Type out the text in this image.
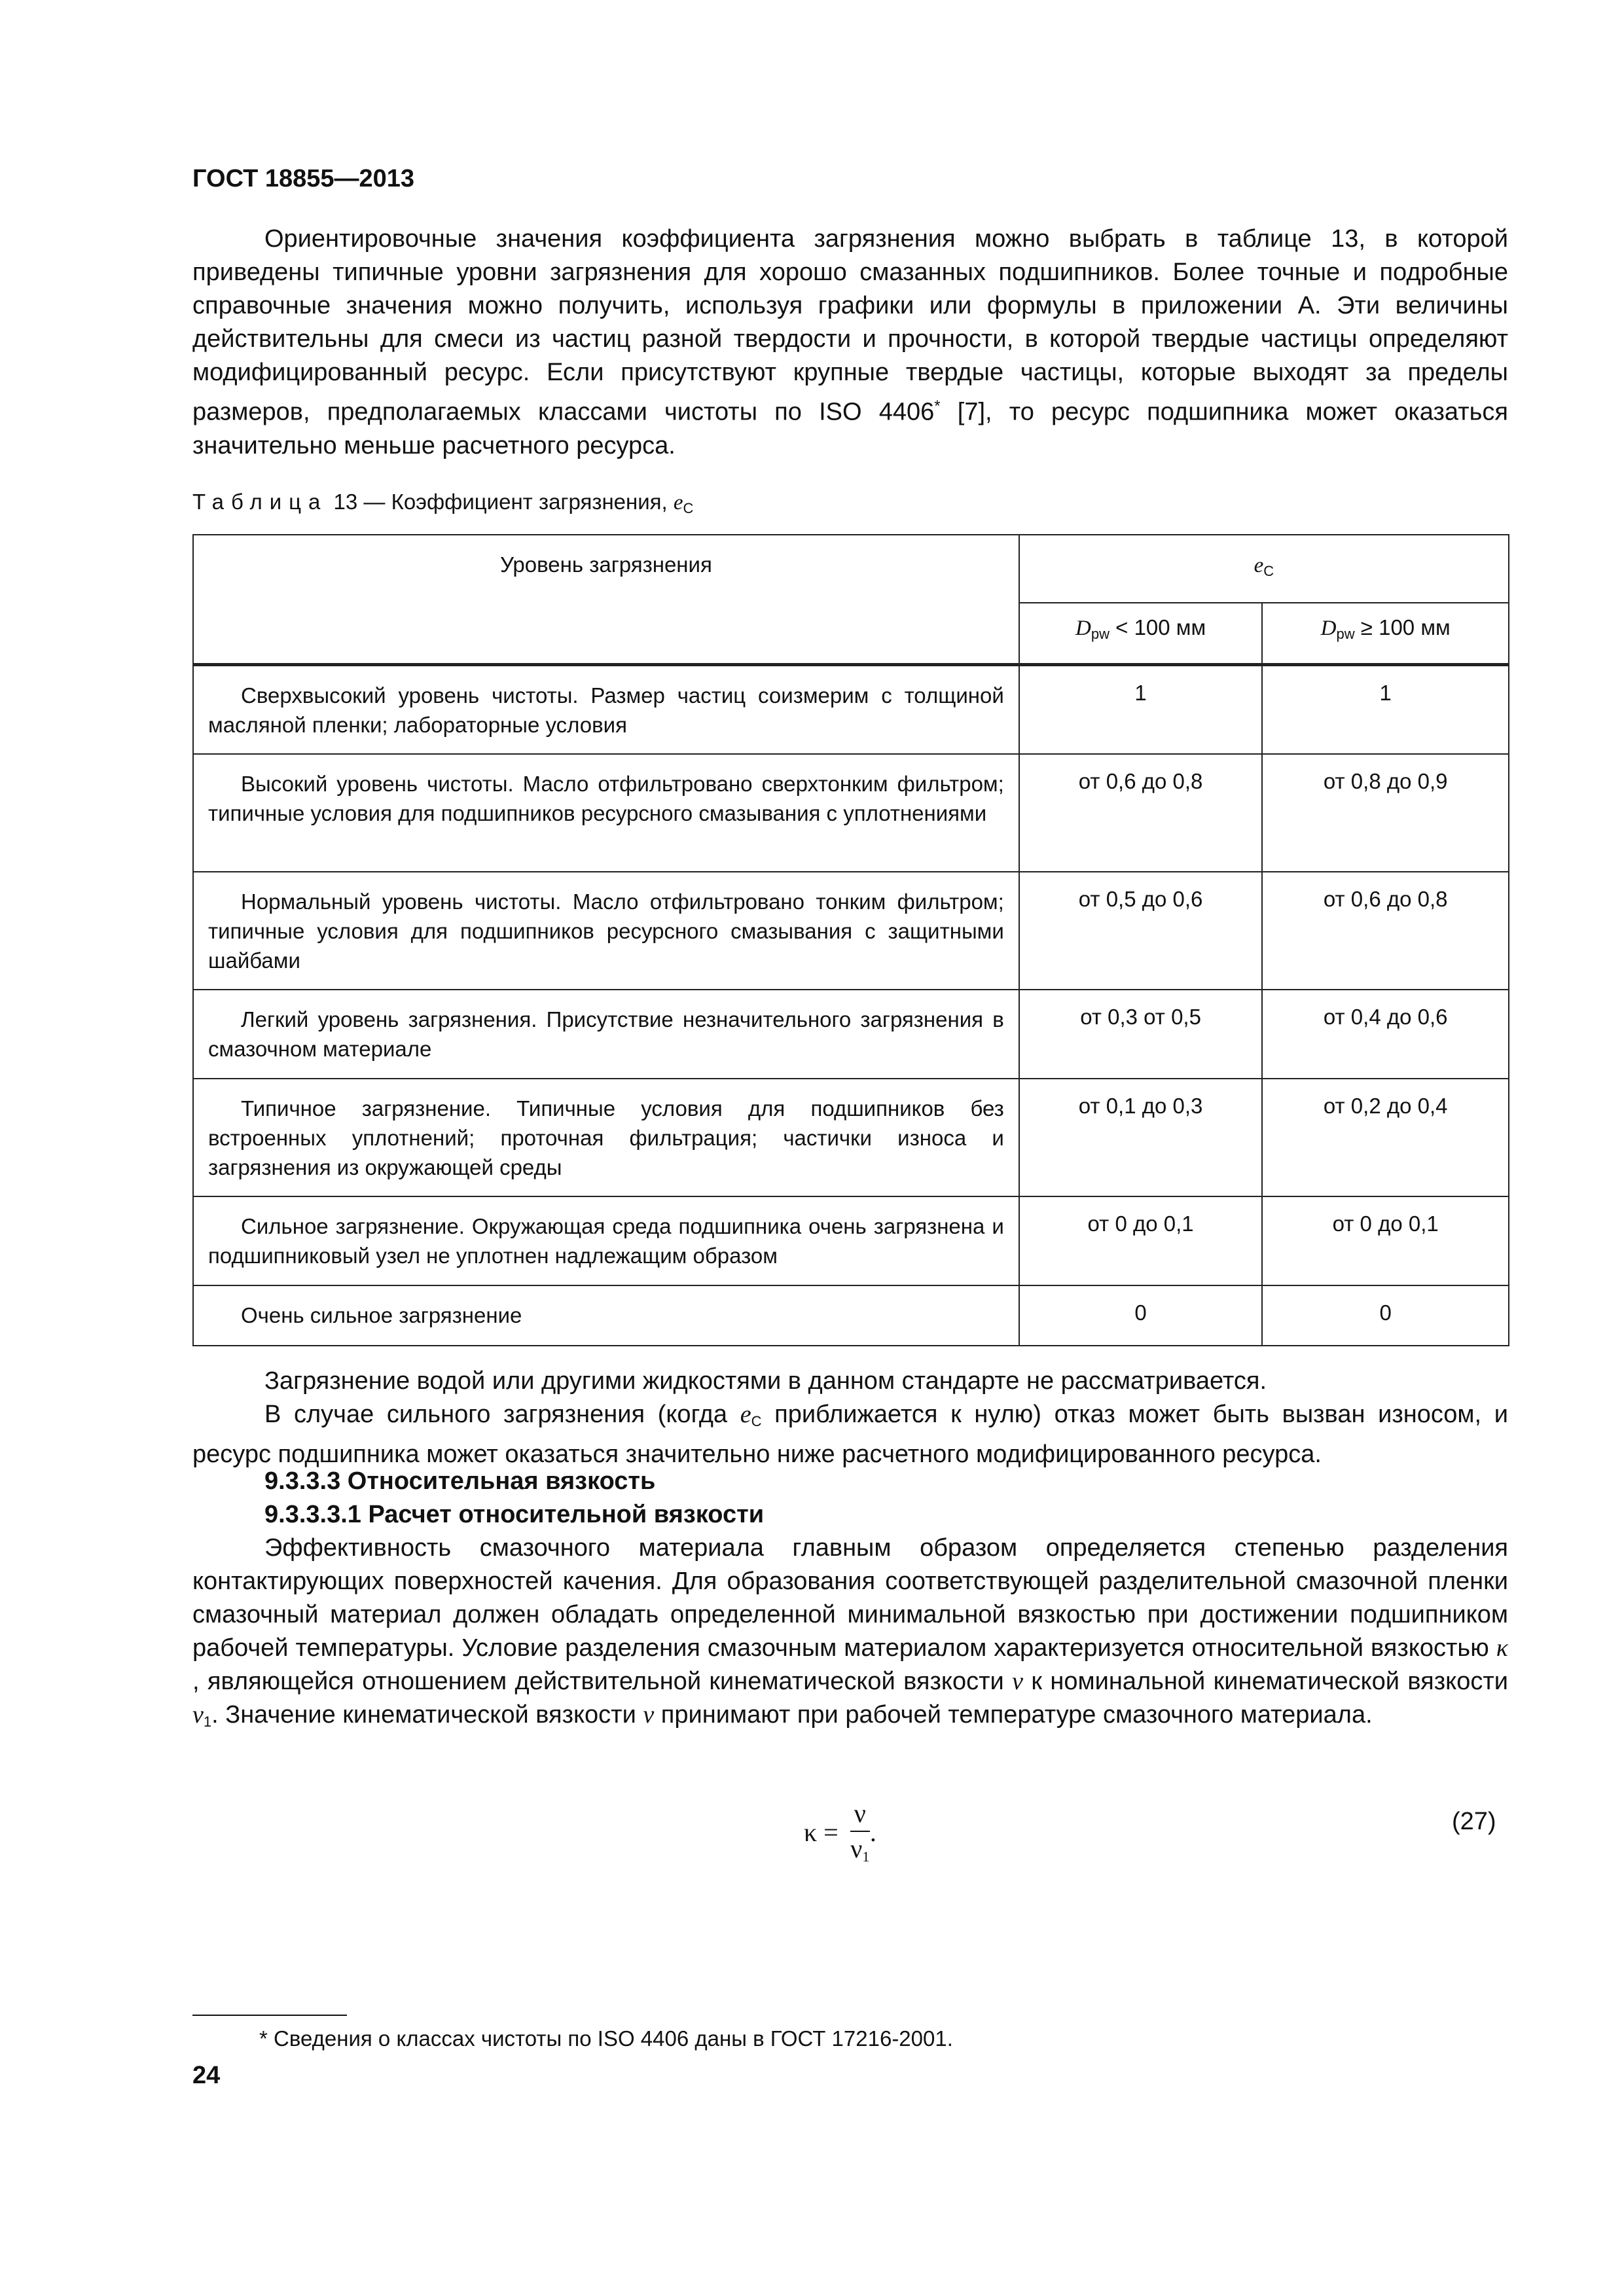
ГОСТ 18855—2013
Ориентировочные значения коэффициента загрязнения можно выбрать в таблице 13, в которой приведены типичные уровни загрязнения для хорошо смазанных подшипников. Более точные и подробные справочные значения можно получить, используя графики или формулы в приложении А. Эти величины действительны для смеси из частиц разной твердости и прочности, в которой твердые частицы определяют модифицированный ресурс. Если присутствуют крупные твердые частицы, которые выходят за пределы размеров, предполагаемых классами чистоты по ISO 4406* [7], то ресурс подшипника может оказаться значительно меньше расчетного ресурса.
Таблица 13 — Коэффициент загрязнения, $e_C$
Уровень загрязнения	$e_C$
	$D_{pw} < 100$ мм	$D_{pw} \ge 100$ мм

Сверхвысокий уровень чистоты. Размер частиц соизмерим с толщиной масляной пленки; лабораторные условия	1	1

Высокий уровень чистоты. Масло отфильтровано сверхтонким фильтром; типичные условия для подшипников ресурсного смазывания с уплотнениями	от 0,6 до 0,8	от 0,8 до 0,9

Нормальный уровень чистоты. Масло отфильтровано тонким фильтром; типичные условия для подшипников ресурсного смазывания с защитными шайбами	от 0,5 до 0,6	от 0,6 до 0,8

Легкий уровень загрязнения. Присутствие незначительного загрязнения в смазочном материале	от 0,3 от 0,5	от 0,4 до 0,6

Типичное загрязнение. Типичные условия для подшипников без встроенных уплотнений; проточная фильтрация; частички износа и загрязнения из окружающей среды	от 0,1 до 0,3	от 0,2 до 0,4

Сильное загрязнение. Окружающая среда подшипника очень загрязнена и подшипниковый узел не уплотнен надлежащим образом	от 0 до 0,1	от 0 до 0,1

Очень сильное загрязнение	0	0
Загрязнение водой или другими жидкостями в данном стандарте не рассматривается.
В случае сильного загрязнения (когда $e_C$ приближается к нулю) отказ может быть вызван износом, и ресурс подшипника может оказаться значительно ниже расчетного модифицированного ресурса.
9.3.3.3 Относительная вязкость
9.3.3.3.1 Расчет относительной вязкости
Эффективность смазочного материала главным образом определяется степенью разделения контактирующих поверхностей качения. Для образования соответствующей разделительной смазочной пленки смазочный материал должен обладать определенной минимальной вязкостью при достижении подшипником рабочей температуры. Условие разделения смазочным материалом характеризуется относительной вязкостью κ , являющейся отношением действительной кинематической вязкости ν к номинальной кинематической вязкости $\nu_1$. Значение кинематической вязкости ν принимают при рабочей температуре смазочного материала.
$\kappa = \frac{\nu}{\nu_1}$ .	(27)
* Сведения о классах чистоты по ISO 4406 даны в ГОСТ 17216-2001.
24
